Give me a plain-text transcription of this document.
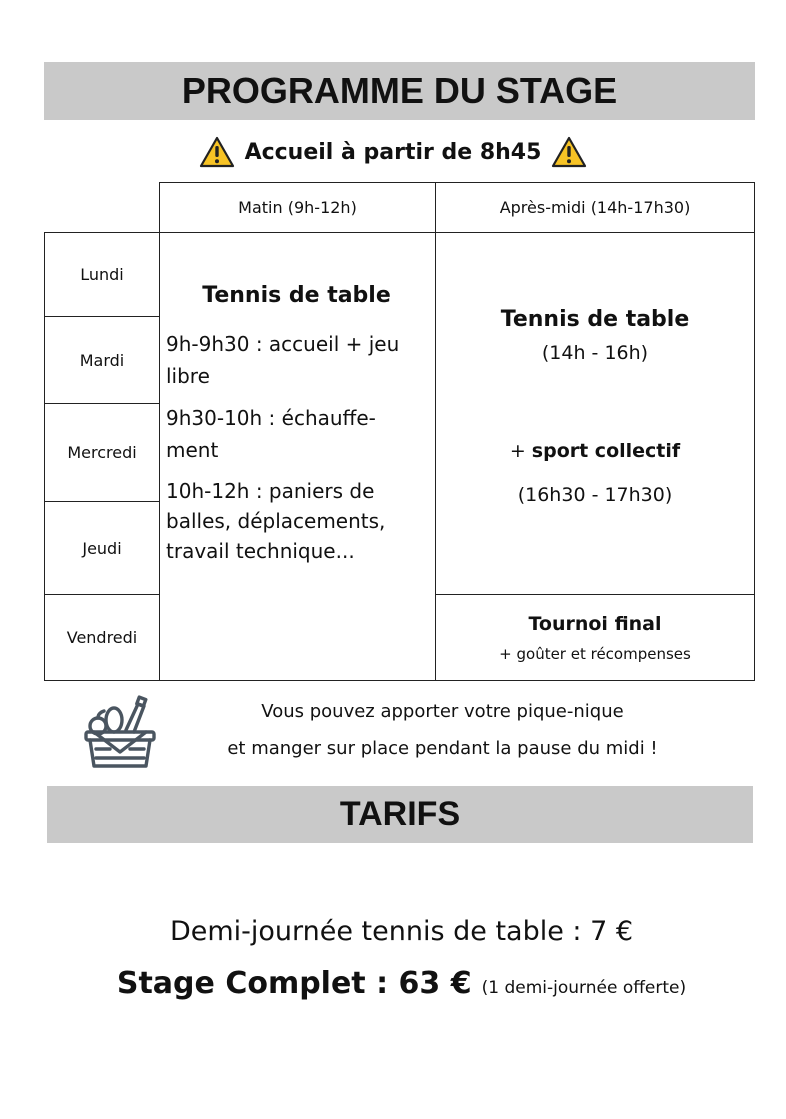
PROGRAMME DU STAGE
Accueil à partir de 8h45
Matin (9h-12h)	Après-midi (14h-17h30)
Lundi
Mardi
Mercredi
Jeudi
Vendredi
Tennis de table
9h-9h30 : accueil + jeu
libre
9h30-10h : échauffe-
ment
10h-12h : paniers de
balles, déplacements,
travail technique...
Tennis de table
(14h - 16h)
+ sport collectif
(16h30 - 17h30)
Tournoi final
+ goûter et récompenses
Vous pouvez apporter votre pique-nique
et manger sur place pendant la pause du midi !
TARIFS
Demi-journée tennis de table : 7 €
Stage Complet : 63 € (1 demi-journée offerte)
